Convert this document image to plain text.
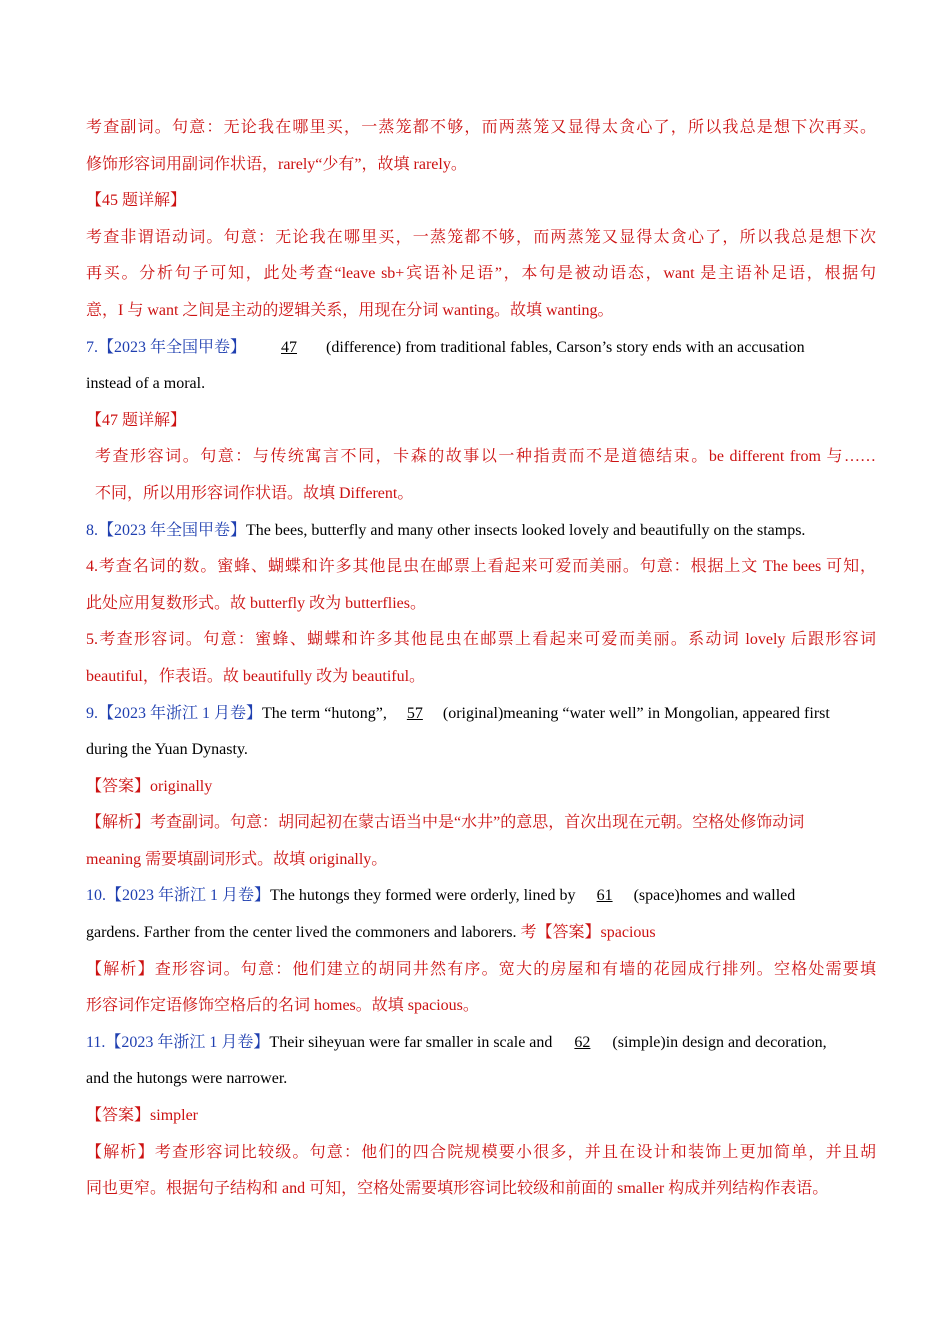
考查副词。句意：无论我在哪里买，一蒸笼都不够，而两蒸笼又显得太贪心了，所以我总是想下次再买。
修饰形容词用副词作状语，rarely“少有”，故填 rarely。
【45 题详解】
考查非谓语动词。句意：无论我在哪里买，一蒸笼都不够，而两蒸笼又显得太贪心了，所以我总是想下次
再买。分析句子可知，此处考查“leave sb+宾语补足语”，本句是被动语态，want 是主语补足语，根据句
意，I 与 want 之间是主动的逻辑关系，用现在分词 wanting。故填 wanting。
7.【2023 年全国甲卷】 47 (difference) from traditional fables, Carson’s story ends with an accusation
instead of a moral.
【47 题详解】
考查形容词。句意：与传统寓言不同，卡森的故事以一种指责而不是道德结束。be different from 与……
不同，所以用形容词作状语。故填 Different。
8.【2023 年全国甲卷】The bees, butterfly and many other insects looked lovely and beautifully on the stamps.
4.考查名词的数。蜜蜂、蝴蝶和许多其他昆虫在邮票上看起来可爱而美丽。句意：根据上文 The bees 可知，
此处应用复数形式。故 butterfly 改为 butterflies。
5.考查形容词。句意：蜜蜂、蝴蝶和许多其他昆虫在邮票上看起来可爱而美丽。系动词 lovely 后跟形容词
beautiful，作表语。故 beautifully 改为 beautiful。
9.【2023 年浙江 1 月卷】The term “hutong”, 57 (original)meaning “water well” in Mongolian, appeared first
during the Yuan Dynasty.
【答案】originally
【解析】考查副词。句意：胡同起初在蒙古语当中是“水井”的意思，首次出现在元朝。空格处修饰动词
meaning 需要填副词形式。故填 originally。
10.【2023 年浙江 1 月卷】The hutongs they formed were orderly, lined by 61 (space)homes and walled
gardens. Farther from the center lived the commoners and laborers. 考【答案】spacious
【解析】查形容词。句意：他们建立的胡同井然有序。宽大的房屋和有墙的花园成行排列。空格处需要填
形容词作定语修饰空格后的名词 homes。故填 spacious。
11.【2023 年浙江 1 月卷】Their siheyuan were far smaller in scale and 62 (simple)in design and decoration,
and the hutongs were narrower.
【答案】simpler
【解析】考查形容词比较级。句意：他们的四合院规模要小很多，并且在设计和装饰上更加简单，并且胡
同也更窄。根据句子结构和 and 可知，空格处需要填形容词比较级和前面的 smaller 构成并列结构作表语。
